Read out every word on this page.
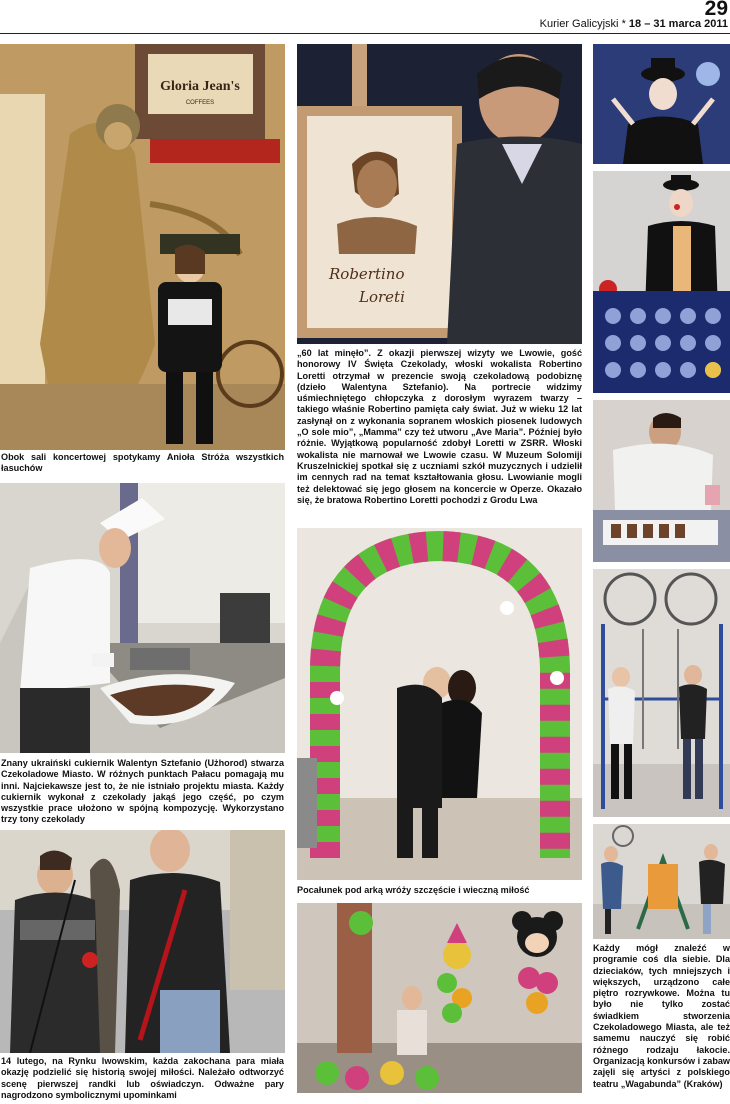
29
Kurier Galicyjski * 18 – 31 marca 2011
Gloria Jean's
COFFEES
Obok sali koncertowej spotykamy Anioła Stróża wszystkich łasuchów
Znany ukraiński cukiernik Walentyn Sztefanio (Użhorod) stwarza Czekoladowe Miasto. W różnych punktach Pałacu pomagają mu inni. Najciekawsze jest to, że nie istniało projektu miasta. Każdy cukiernik wykonał z czekolady jakąś jego część, po czym wszystkie prace ułożono w spójną kompozycję. Wykorzystano trzy tony czekolady
14 lutego, na Rynku lwowskim, każda zakochana para miała okazję podzielić się historią swojej miłości. Należało odtworzyć scenę pierwszej randki lub oświadczyn. Odważne pary nagrodzono symbolicznymi upominkami
Robertino
Loreti
„60 lat minęło”. Z okazji pierwszej wizyty we Lwowie, gość honorowy IV Święta Czekolady, włoski wokalista Robertino Loretti otrzymał w prezencie swoją czekoladową podobiznę (dzieło Walentyna Sztefanio). Na portrecie widzimy uśmiechniętego chłopczyka z dorosłym wyrazem twarzy – takiego właśnie Robertino pamięta cały świat. Już w wieku 12 lat zasłynął on z wykonania sopranem włoskich piosenek ludowych „O sole mio”, „Mamma” czy też utworu „Ave Maria”. Później było różnie. Wyjątkową popularność zdobył Loretti w ZSRR. Włoski wokalista nie marnował we Lwowie czasu. W Muzeum Solomiji Kruszelnickiej spotkał się z uczniami szkół muzycznych i udzielił im cennych rad na temat kształtowania głosu. Lwowianie mogli też delektować się jego głosem na koncercie w Operze. Okazało się, że bratowa Robertino Loretti pochodzi z Grodu Lwa
Pocałunek pod arką wróży szczęście i wieczną miłość
Każdy mógł znaleźć w programie coś dla siebie. Dla dzieciaków, tych mniejszych i większych, urządzono całe piętro rozrywkowe. Można tu było nie tylko zostać świadkiem stworzenia Czekoladowego Miasta, ale też samemu nauczyć się robić różnego rodzaju łakocie. Organizacją konkursów i zabaw zajęli się artyści z polskiego teatru „Wagabunda” (Kraków)
